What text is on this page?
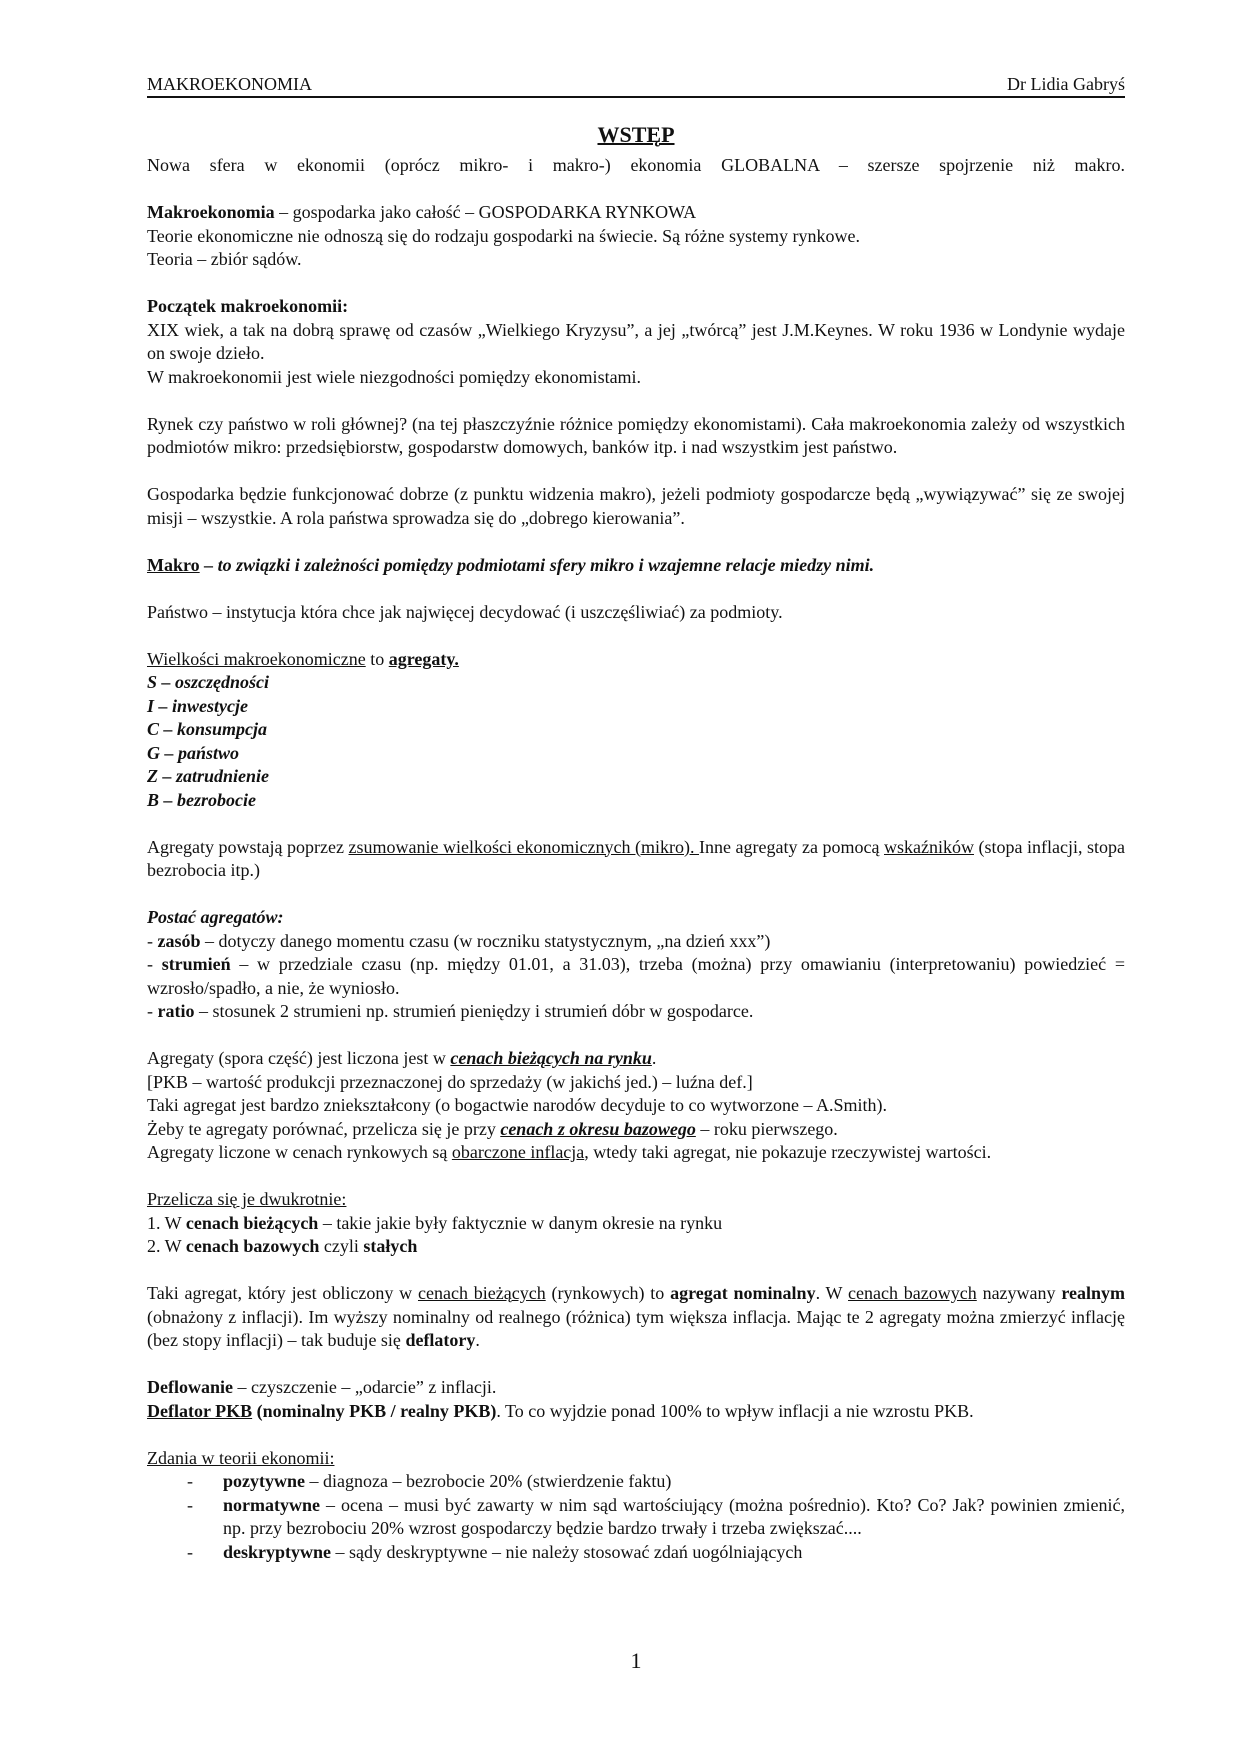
MAKROEKONOMIA	Dr Lidia Gabryś
WSTĘP

Nowa sfera w ekonomii (oprócz mikro- i makro-) ekonomia GLOBALNA – szersze spojrzenie niż makro.

Makroekonomia – gospodarka jako całość – GOSPODARKA RYNKOWA

Teorie ekonomiczne nie odnoszą się do rodzaju gospodarki na świecie. Są różne systemy rynkowe.

Teoria – zbiór sądów.

Początek makroekonomii:

XIX wiek, a tak na dobrą sprawę od czasów „Wielkiego Kryzysu”, a jej „twórcą” jest J.M.Keynes. W roku 1936 w Londynie wydaje on swoje dzieło.

W makroekonomii jest wiele niezgodności pomiędzy ekonomistami.

Rynek czy państwo w roli głównej? (na tej płaszczyźnie różnice pomiędzy ekonomistami). Cała makroekonomia zależy od wszystkich podmiotów mikro: przedsiębiorstw, gospodarstw domowych, banków itp. i nad wszystkim jest państwo.

Gospodarka będzie funkcjonować dobrze (z punktu widzenia makro), jeżeli podmioty gospodarcze będą „wywiązywać” się ze swojej misji – wszystkie. A rola państwa sprowadza się do „dobrego kierowania”.

Makro – to związki i zależności pomiędzy podmiotami sfery mikro i wzajemne relacje miedzy nimi.

Państwo – instytucja która chce jak najwięcej decydować (i uszczęśliwiać) za podmioty.

Wielkości makroekonomiczne to agregaty.

S – oszczędności

I – inwestycje

C – konsumpcja

G – państwo

Z – zatrudnienie

B – bezrobocie

Agregaty powstają poprzez zsumowanie wielkości ekonomicznych (mikro). Inne agregaty za pomocą wskaźników (stopa inflacji, stopa bezrobocia itp.)

Postać agregatów:

- zasób – dotyczy danego momentu czasu (w roczniku statystycznym, „na dzień xxx”)

- strumień – w przedziale czasu (np. między 01.01, a 31.03), trzeba (można) przy omawianiu (interpretowaniu) powiedzieć = wzrosło/spadło, a nie, że wyniosło.

- ratio – stosunek 2 strumieni np. strumień pieniędzy i strumień dóbr w gospodarce.

Agregaty (spora część) jest liczona jest w cenach bieżących na rynku.

[PKB – wartość produkcji przeznaczonej do sprzedaży (w jakichś jed.) – luźna def.]

Taki agregat jest bardzo zniekształcony (o bogactwie narodów decyduje to co wytworzone – A.Smith).

Żeby te agregaty porównać, przelicza się je przy cenach z okresu bazowego – roku pierwszego.

Agregaty liczone w cenach rynkowych są obarczone inflacja, wtedy taki agregat, nie pokazuje rzeczywistej wartości.

Przelicza się je dwukrotnie:

1. W cenach bieżących – takie jakie były faktycznie w danym okresie na rynku

2. W cenach bazowych czyli stałych

Taki agregat, który jest obliczony w cenach bieżących (rynkowych) to agregat nominalny. W cenach bazowych nazywany realnym (obnażony z inflacji). Im wyższy nominalny od realnego (różnica) tym większa inflacja. Mając te 2 agregaty można zmierzyć inflację (bez stopy inflacji) – tak buduje się deflatory.

Deflowanie – czyszczenie – „odarcie” z inflacji.

Deflator PKB (nominalny PKB / realny PKB). To co wyjdzie ponad 100% to wpływ inflacji a nie wzrostu PKB.

Zdania w teorii ekonomii:

- pozytywne – diagnoza – bezrobocie 20% (stwierdzenie faktu)
- normatywne – ocena – musi być zawarty w nim sąd wartościujący (można pośrednio). Kto? Co? Jak? powinien zmienić, np. przy bezrobociu 20% wzrost gospodarczy będzie bardzo trwały i trzeba zwiększać....
- deskryptywne – sądy deskryptywne – nie należy stosować zdań uogólniających
1
